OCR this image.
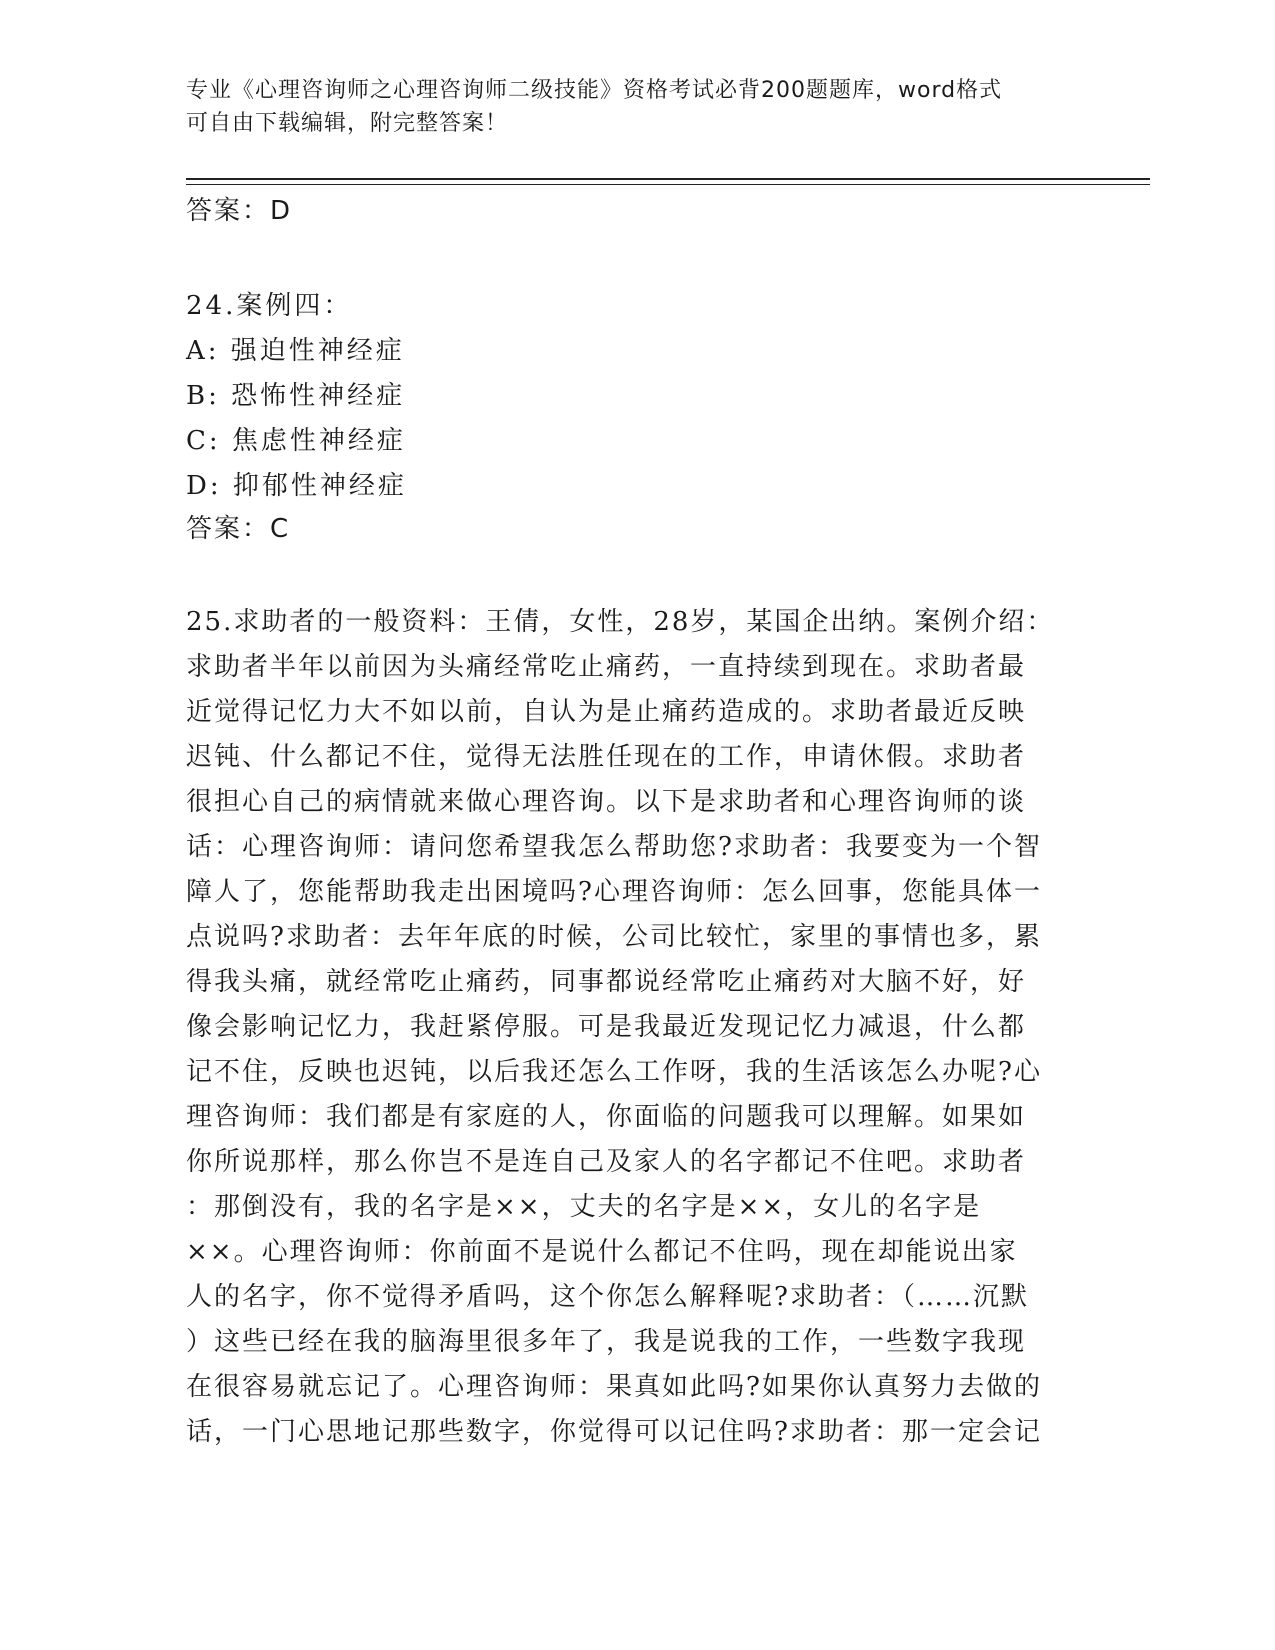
专业《心理咨询师之心理咨询师二级技能》资格考试必背200题题库，word格式
可自由下载编辑，附完整答案！
答案：D
24.案例四：
A: 强迫性神经症
B: 恐怖性神经症
C: 焦虑性神经症
D: 抑郁性神经症
答案：C
25.求助者的一般资料：王倩，女性，28岁，某国企出纳。案例介绍：
求助者半年以前因为头痛经常吃止痛药，一直持续到现在。求助者最
近觉得记忆力大不如以前，自认为是止痛药造成的。求助者最近反映
迟钝、什么都记不住，觉得无法胜任现在的工作，申请休假。求助者
很担心自己的病情就来做心理咨询。以下是求助者和心理咨询师的谈
话：心理咨询师：请问您希望我怎么帮助您?求助者：我要变为一个智
障人了，您能帮助我走出困境吗?心理咨询师：怎么回事，您能具体一
点说吗?求助者：去年年底的时候，公司比较忙，家里的事情也多，累
得我头痛，就经常吃止痛药，同事都说经常吃止痛药对大脑不好，好
像会影响记忆力，我赶紧停服。可是我最近发现记忆力减退，什么都
记不住，反映也迟钝，以后我还怎么工作呀，我的生活该怎么办呢?心
理咨询师：我们都是有家庭的人，你面临的问题我可以理解。如果如
你所说那样，那么你岂不是连自己及家人的名字都记不住吧。求助者
：那倒没有，我的名字是××，丈夫的名字是××，女儿的名字是
××。心理咨询师：你前面不是说什么都记不住吗，现在却能说出家
人的名字，你不觉得矛盾吗，这个你怎么解释呢?求助者：（……沉默
）这些已经在我的脑海里很多年了，我是说我的工作，一些数字我现
在很容易就忘记了。心理咨询师：果真如此吗?如果你认真努力去做的
话，一门心思地记那些数字，你觉得可以记住吗?求助者：那一定会记
